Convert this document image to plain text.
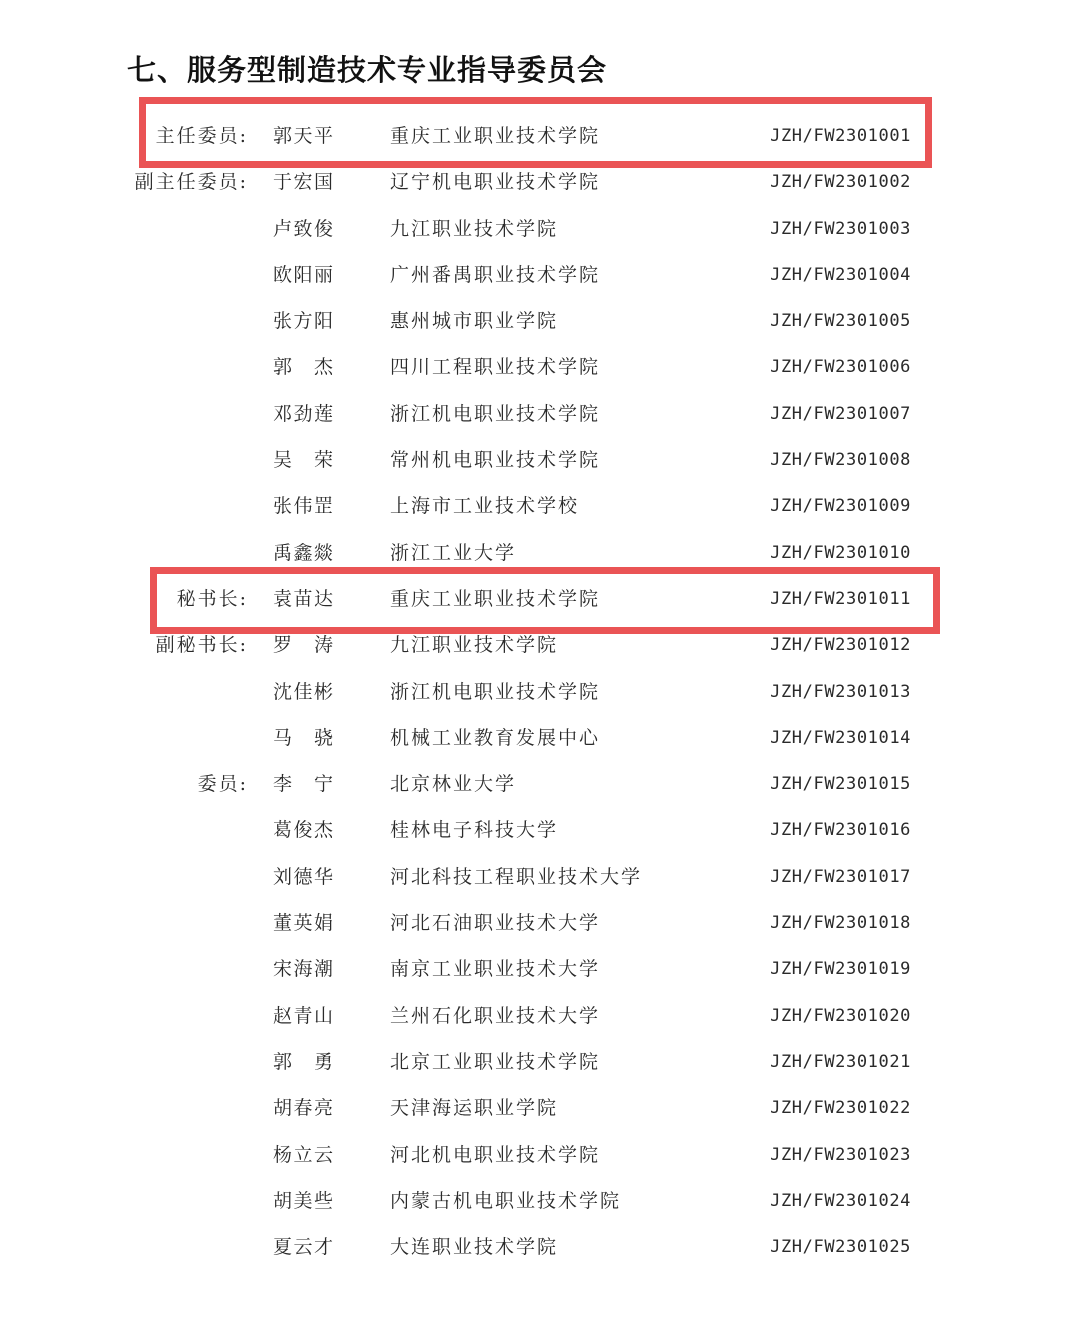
七、服务型制造技术专业指导委员会
主任委员: 郭天平	重庆工业职业技术学院	JZH/FW2301001
副主任委员: 于宏国	辽宁机电职业技术学院	JZH/FW2301002
卢致俊	九江职业技术学院	JZH/FW2301003
欧阳丽	广州番禺职业技术学院	JZH/FW2301004
张方阳	惠州城市职业学院	JZH/FW2301005
郭 杰	四川工程职业技术学院	JZH/FW2301006
邓劲莲	浙江机电职业技术学院	JZH/FW2301007
吴 荣	常州机电职业技术学院	JZH/FW2301008
张伟罡	上海市工业技术学校	JZH/FW2301009
禹鑫燚	浙江工业大学	JZH/FW2301010
秘书长: 袁苗达	重庆工业职业技术学院	JZH/FW2301011
副秘书长: 罗 涛	九江职业技术学院	JZH/FW2301012
沈佳彬	浙江机电职业技术学院	JZH/FW2301013
马 骁	机械工业教育发展中心	JZH/FW2301014
委员: 李 宁	北京林业大学	JZH/FW2301015
葛俊杰	桂林电子科技大学	JZH/FW2301016
刘德华	河北科技工程职业技术大学	JZH/FW2301017
董英娟	河北石油职业技术大学	JZH/FW2301018
宋海潮	南京工业职业技术大学	JZH/FW2301019
赵青山	兰州石化职业技术大学	JZH/FW2301020
郭 勇	北京工业职业技术学院	JZH/FW2301021
胡春亮	天津海运职业学院	JZH/FW2301022
杨立云	河北机电职业技术学院	JZH/FW2301023
胡美些	内蒙古机电职业技术学院	JZH/FW2301024
夏云才	大连职业技术学院	JZH/FW2301025
